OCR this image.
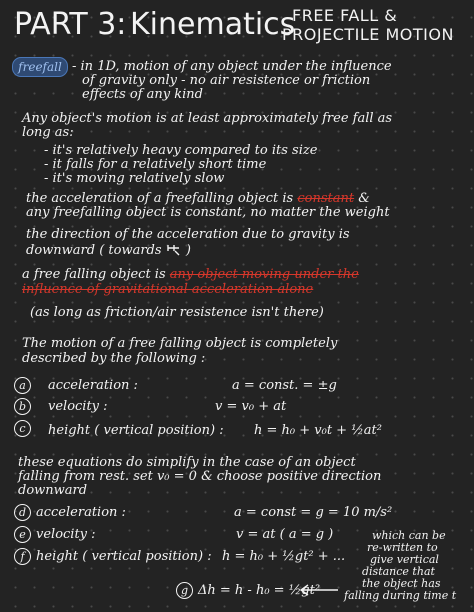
PART 3: Kinematics
FREE FALL &
PROJECTILE MOTION
freefall - in 1D, motion of any object under the influence
of gravity only - no air resistence or friction
effects of any kind
Any object's motion is at least approximately free fall as
long as:
- it's relatively heavy compared to its size
- it falls for a relatively short time
- it's moving relatively slow
the acceleration of a freefalling object is constant &
any freefalling object is constant, no matter the weight
the direction of the acceleration due to gravity is
downward ( towards )
a free falling object is any object moving under the
influence of gravitational acceleration alone
(as long as friction/air resistence isn't there)
The motion of a free falling object is completely
described by the following :
a	acceleration :	a = const. = ±g
b	velocity :	v = v₀ + at
c	height ( vertical position) : h = h₀ + v₀t + ½at²
these equations do simplify in the case of an object
falling from rest. set v₀ = 0 & choose positive direction
downward
d acceleration :	a = const = g = 10 m/s²
e velocity :	v = at ( a = g )
f height ( vertical position) : h = h₀ + ½gt² + ...
g Δh = h - h₀ = ½gt²
which can be
re-written to
give vertical
distance that
the object has
falling during time t
